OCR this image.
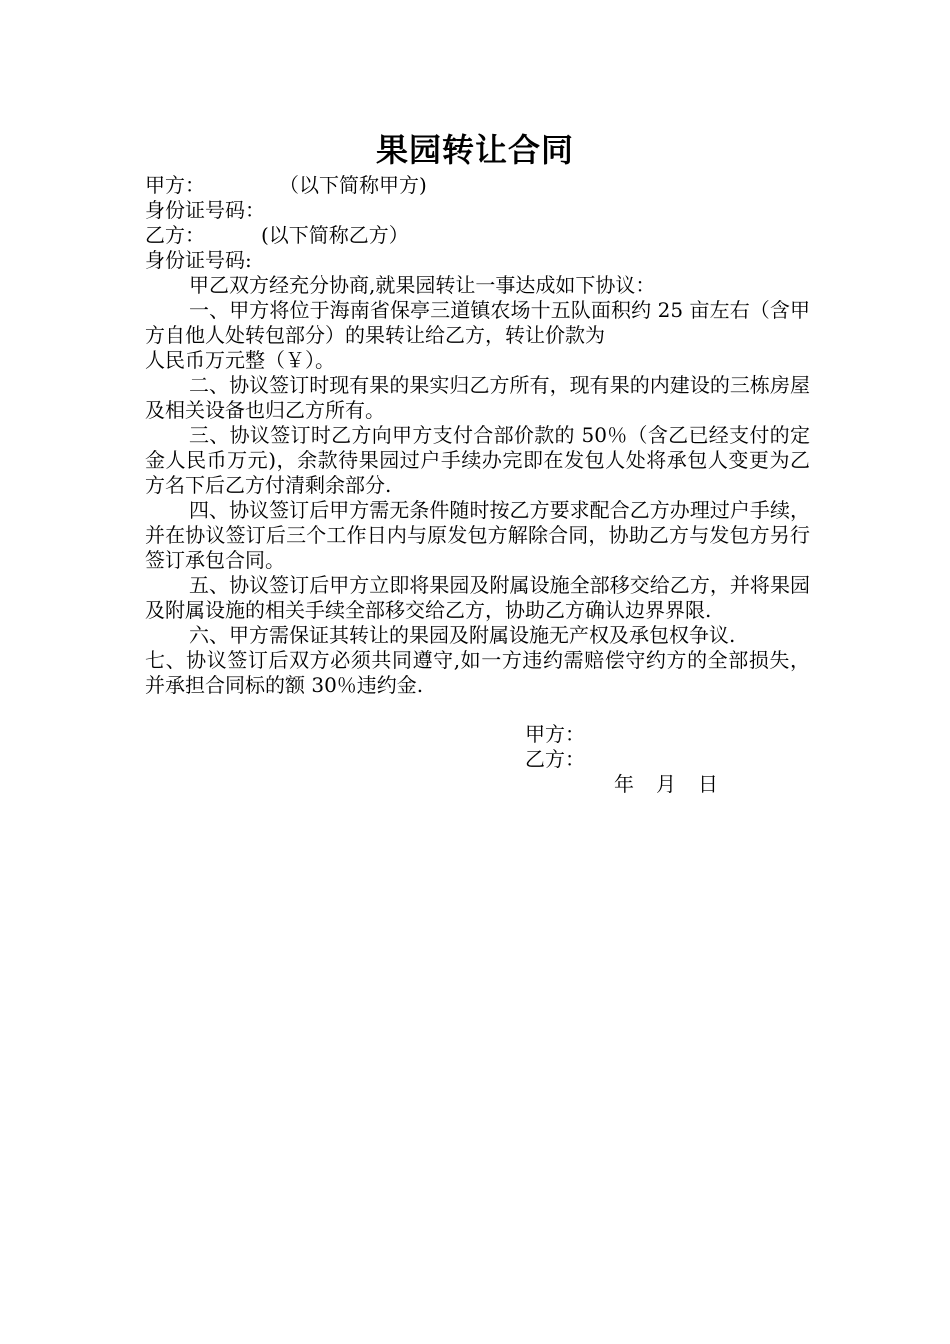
果园转让合同
甲方：	（以下简称甲方)
身份证号码：
乙方：	(以下简称乙方）
身份证号码:

甲乙双方经充分协商,就果园转让一事达成如下协议：

一、甲方将位于海南省保亭三道镇农场十五队面积约 25 亩左右（含甲方自他人处转包部分）的果转让给乙方，转让价款为

人民币万元整（￥）。

二、协议签订时现有果的果实归乙方所有，现有果的内建设的三栋房屋及相关设备也归乙方所有。

三、协议签订时乙方向甲方支付合部价款的 50％（含乙已经支付的定金人民币万元)，余款待果园过户手续办完即在发包人处将承包人变更为乙方名下后乙方付清剩余部分.

四、协议签订后甲方需无条件随时按乙方要求配合乙方办理过户手续，并在协议签订后三个工作日内与原发包方解除合同，协助乙方与发包方另行签订承包合同。

五、协议签订后甲方立即将果园及附属设施全部移交给乙方，并将果园及附属设施的相关手续全部移交给乙方，协助乙方确认边界界限.

六、甲方需保证其转让的果园及附属设施无产权及承包权争议.

七、协议签订后双方必须共同遵守,如一方违约需赔偿守约方的全部损失，并承担合同标的额 30％违约金.

甲方：
乙方：
年 月 日
